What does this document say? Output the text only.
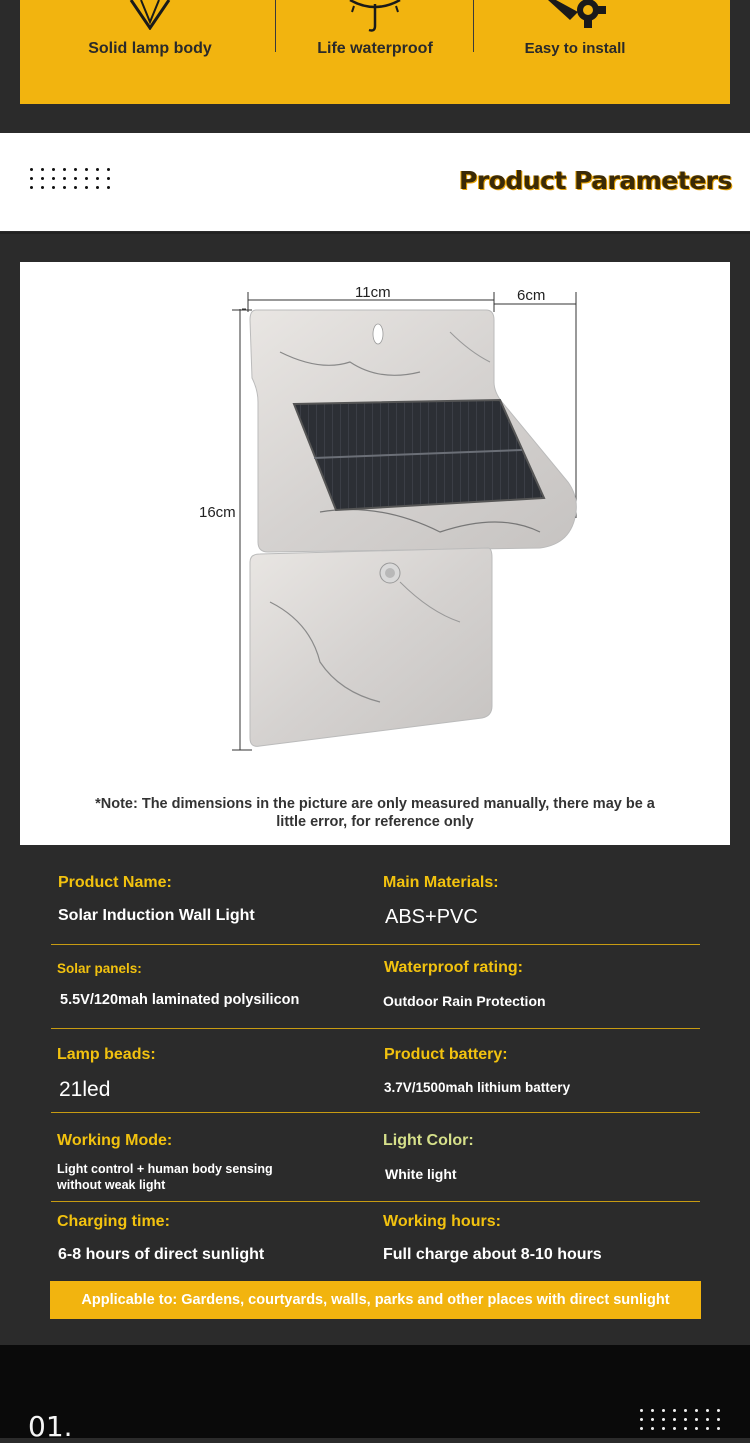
Solid lamp body	Life waterproof	Easy to install
Product Parameters
11cm	6cm
16cm
*Note: The dimensions in the picture are only measured manually, there may be a little error, for reference only
Product Name:
Solar Induction Wall Light
Main Materials:
ABS+PVC
Solar panels:
5.5V/120mah laminated polysilicon
Waterproof rating:
Outdoor Rain Protection
Lamp beads:
21led
Product battery:
3.7V/1500mah lithium battery
Working Mode:
Light control + human body sensing without weak light
Light Color:
White light
Charging time:
6-8 hours of direct sunlight
Working hours:
Full charge about 8-10 hours
Applicable to: Gardens, courtyards, walls, parks and other places with direct sunlight
01.
